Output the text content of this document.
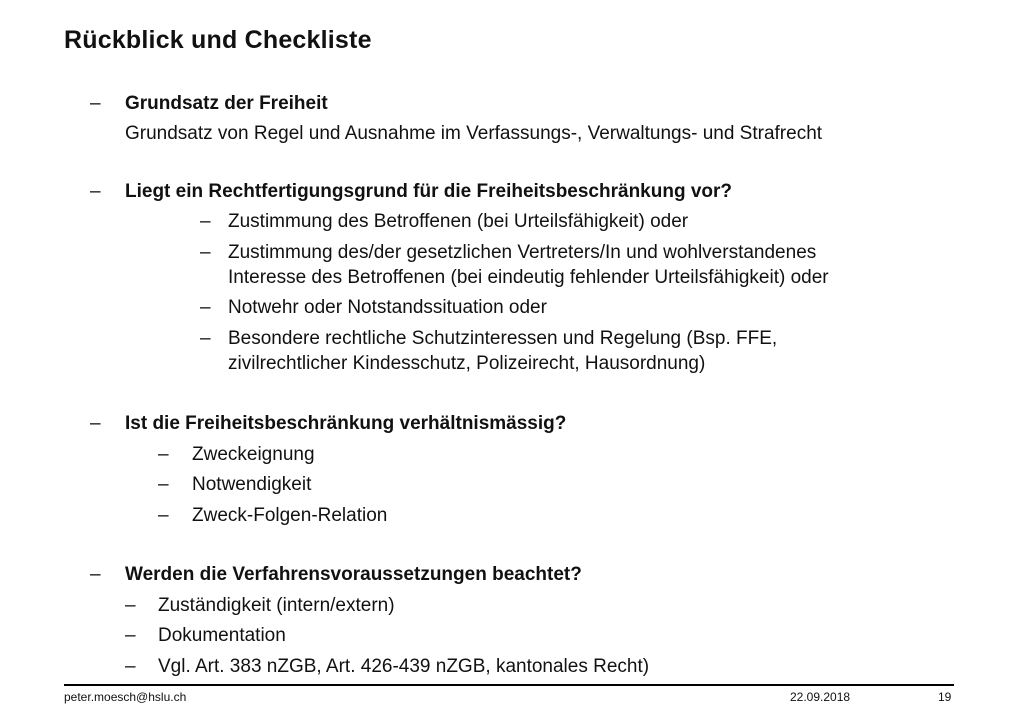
Rückblick und Checkliste
– Grundsatz der Freiheit
Grundsatz von Regel und Ausnahme im Verfassungs-, Verwaltungs- und Strafrecht
– Liegt ein Rechtfertigungsgrund für die Freiheitsbeschränkung vor?
– Zustimmung des Betroffenen (bei Urteilsfähigkeit) oder
– Zustimmung des/der gesetzlichen Vertreters/In und wohlverstandenes
Interesse des Betroffenen (bei eindeutig fehlender Urteilsfähigkeit) oder
– Notwehr oder Notstandssituation oder
– Besondere rechtliche Schutzinteressen und Regelung (Bsp. FFE,
zivilrechtlicher Kindesschutz, Polizeirecht, Hausordnung)
– Ist die Freiheitsbeschränkung verhältnismässig?
– Zweckeignung
– Notwendigkeit
– Zweck-Folgen-Relation
– Werden die Verfahrensvoraussetzungen beachtet?
– Zuständigkeit (intern/extern)
– Dokumentation
– Vgl. Art. 383 nZGB, Art. 426-439 nZGB, kantonales Recht)
peter.moesch@hslu.ch	22.09.2018	19
